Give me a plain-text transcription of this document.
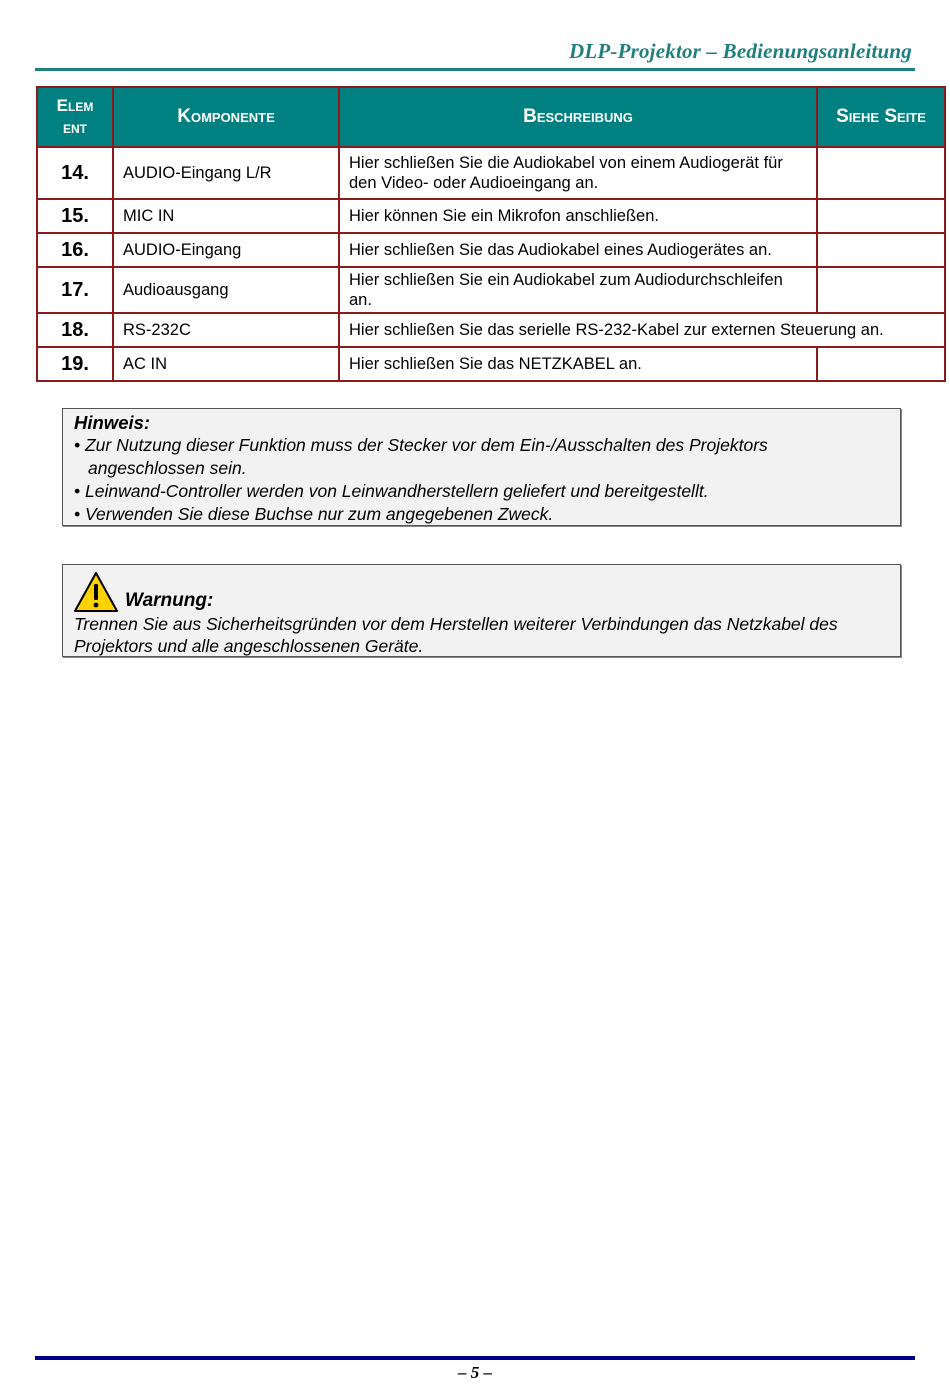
DLP-Projektor – Bedienungsanleitung
Elem
ent	Komponente	Beschreibung	Siehe Seite
14.	AUDIO-Eingang L/R	Hier schließen Sie die Audiokabel von einem Audiogerät für den Video- oder Audioeingang an.	
15.	MIC IN	Hier können Sie ein Mikrofon anschließen.	
16.	AUDIO-Eingang	Hier schließen Sie das Audiokabel eines Audiogerätes an.	
17.	Audioausgang	Hier schließen Sie ein Audiokabel zum Audiodurchschleifen an.	
18.	RS-232C	Hier schließen Sie das serielle RS-232-Kabel zur externen Steuerung an.	
19.	AC IN	Hier schließen Sie das NETZKABEL an.	
Hinweis:
• Zur Nutzung dieser Funktion muss der Stecker vor dem Ein-/Ausschalten des Projektors angeschlossen sein.
• Leinwand-Controller werden von Leinwandherstellern geliefert und bereitgestellt.
• Verwenden Sie diese Buchse nur zum angegebenen Zweck.
Warnung:
Trennen Sie aus Sicherheitsgründen vor dem Herstellen weiterer Verbindungen das Netzkabel des Projektors und alle angeschlossenen Geräte.
– 5 –
